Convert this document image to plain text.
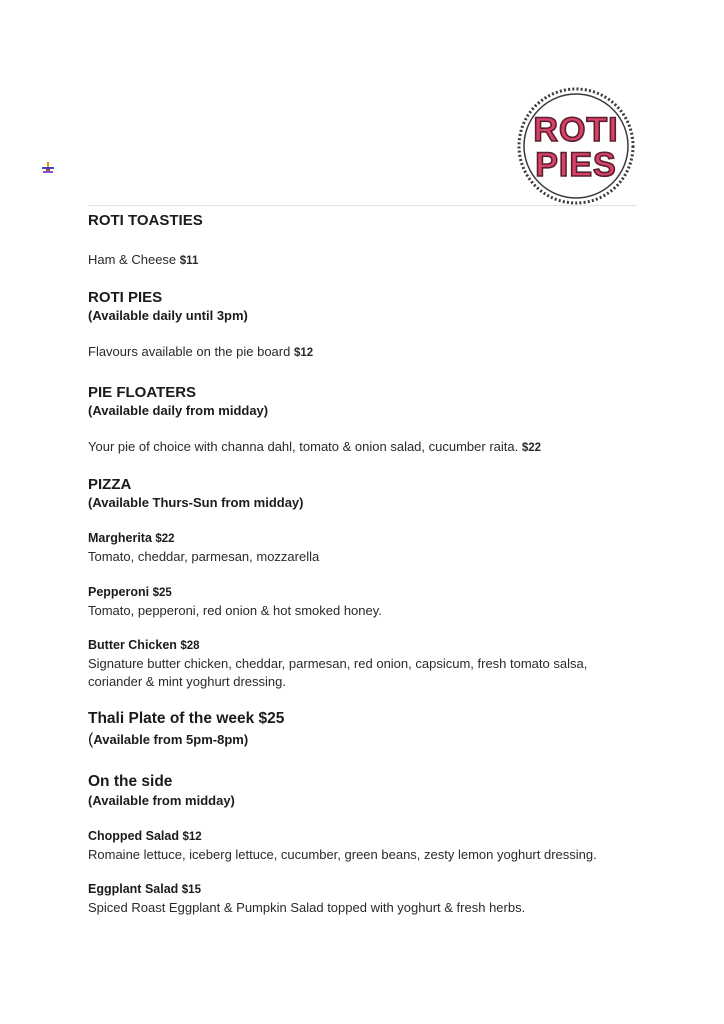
ROTI
PIES
ROTI TOASTIES
Ham & Cheese $11
ROTI PIES
(Available daily until 3pm)
Flavours available on the pie board $12
PIE FLOATERS
(Available daily from midday)
Your pie of choice with channa dahl, tomato & onion salad, cucumber raita. $22
PIZZA
(Available Thurs-Sun from midday)
Margherita $22
Tomato, cheddar, parmesan, mozzarella
Pepperoni $25
Tomato, pepperoni, red onion & hot smoked honey.
Butter Chicken $28
Signature butter chicken, cheddar, parmesan, red onion, capsicum, fresh tomato salsa,
coriander & mint yoghurt dressing.
Thali Plate of the week $25
(Available from 5pm-8pm)
On the side
(Available from midday)
Chopped Salad $12
Romaine lettuce, iceberg lettuce, cucumber, green beans, zesty lemon yoghurt dressing.
Eggplant Salad $15
Spiced Roast Eggplant & Pumpkin Salad topped with yoghurt & fresh herbs.
